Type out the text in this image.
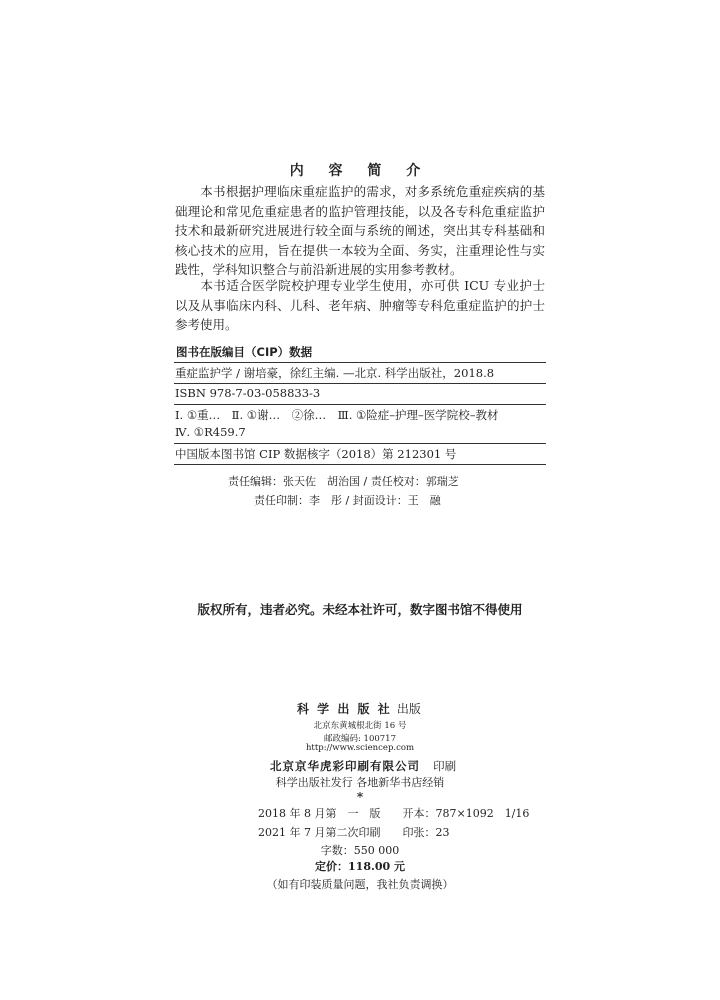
内 容 简 介
本书根据护理临床重症监护的需求，对多系统危重症疾病的基础理论和常见危重症患者的监护管理技能，以及各专科危重症监护技术和最新研究进展进行较全面与系统的阐述，突出其专科基础和核心技术的应用，旨在提供一本较为全面、务实，注重理论性与实践性，学科知识整合与前沿新进展的实用参考教材。
本书适合医学院校护理专业学生使用，亦可供 ICU 专业护士以及从事临床内科、儿科、老年病、肿瘤等专科危重症监护的护士参考使用。
图书在版编目（CIP）数据
重症监护学 / 谢培豪，徐红主编. —北京. 科学出版社，2018.8
ISBN 978-7-03-058833-3
Ⅰ. ①重…　Ⅱ. ①谢…　②徐…　Ⅲ. ①险症–护理–医学院校–教材
Ⅳ. ①R459.7
中国版本图书馆 CIP 数据核字（2018）第 212301 号
责任编辑：张天佐　胡治国 / 责任校对：郭瑞芝
责任印制：李　彤 / 封面设计：王　融
版权所有，违者必究。未经本社许可，数字图书馆不得使用
科 学 出 版 社 出版
北京东黄城根北街 16 号
邮政编码: 100717
http://www.sciencep.com
北京京华虎彩印刷有限公司 印刷
科学出版社发行 各地新华书店经销
*
2018 年 8 月第　一　版　　开本：787×1092　1/16
2021 年 7 月第二次印刷　　印张：23
字数：550 000
定价：118.00 元
（如有印装质量问题，我社负责调换）
